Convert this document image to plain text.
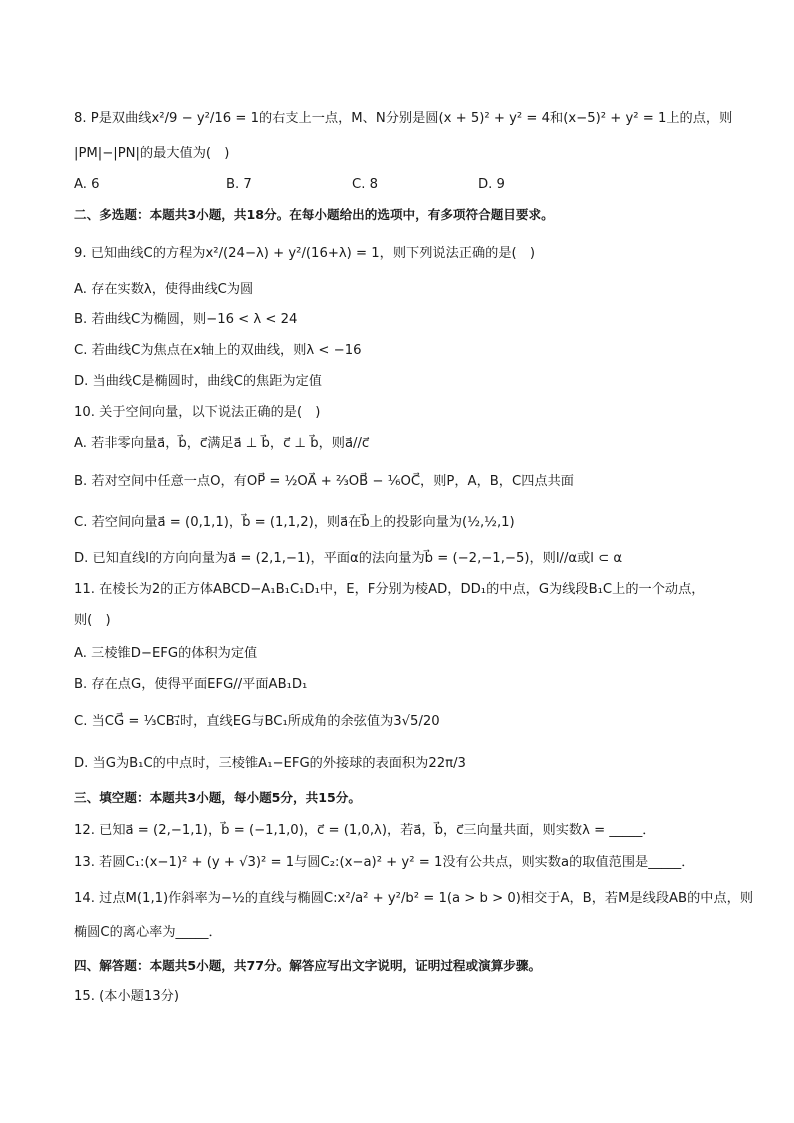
8. P是双曲线x²/9 − y²/16 = 1的右支上一点，M、N分别是圆(x + 5)² + y² = 4和(x−5)² + y² = 1上的点，则
|PM|−|PN|的最大值为(　)
A. 6	B. 7	C. 8	D. 9
二、多选题：本题共3小题，共18分。在每小题给出的选项中，有多项符合题目要求。
9. 已知曲线C的方程为x²/(24−λ) + y²/(16+λ) = 1，则下列说法正确的是(　)
A. 存在实数λ，使得曲线C为圆
B. 若曲线C为椭圆，则−16 < λ < 24
C. 若曲线C为焦点在x轴上的双曲线，则λ < −16
D. 当曲线C是椭圆时，曲线C的焦距为定值
10. 关于空间向量，以下说法正确的是(　)
A. 若非零向量a⃗，b⃗，c⃗满足a⃗ ⊥ b⃗，c⃗ ⊥ b⃗，则a⃗//c⃗
B. 若对空间中任意一点O，有OP⃗ = ½OA⃗ + ⅔OB⃗ − ⅙OC⃗，则P，A，B，C四点共面
C. 若空间向量a⃗ = (0,1,1)，b⃗ = (1,1,2)，则a⃗在b⃗上的投影向量为(½,½,1)
D. 已知直线l的方向向量为a⃗ = (2,1,−1)，平面α的法向量为b⃗ = (−2,−1,−5)，则l//α或l ⊂ α
11. 在棱长为2的正方体ABCD−A₁B₁C₁D₁中，E，F分别为棱AD，DD₁的中点，G为线段B₁C上的一个动点，
则(　)
A. 三棱锥D−EFG的体积为定值
B. 存在点G，使得平面EFG//平面AB₁D₁
C. 当CG⃗ = ⅓CB₁⃗时，直线EG与BC₁所成角的余弦值为3√5/20
D. 当G为B₁C的中点时，三棱锥A₁−EFG的外接球的表面积为22π/3
三、填空题：本题共3小题，每小题5分，共15分。
12. 已知a⃗ = (2,−1,1)，b⃗ = (−1,1,0)，c⃗ = (1,0,λ)，若a⃗，b⃗，c⃗三向量共面，则实数λ = _____．
13. 若圆C₁:(x−1)² + (y + √3)² = 1与圆C₂:(x−a)² + y² = 1没有公共点，则实数a的取值范围是_____．
14. 过点M(1,1)作斜率为−½的直线与椭圆C:x²/a² + y²/b² = 1(a > b > 0)相交于A，B，若M是线段AB的中点，则
椭圆C的离心率为_____．
四、解答题：本题共5小题，共77分。解答应写出文字说明，证明过程或演算步骤。
15. (本小题13分)
